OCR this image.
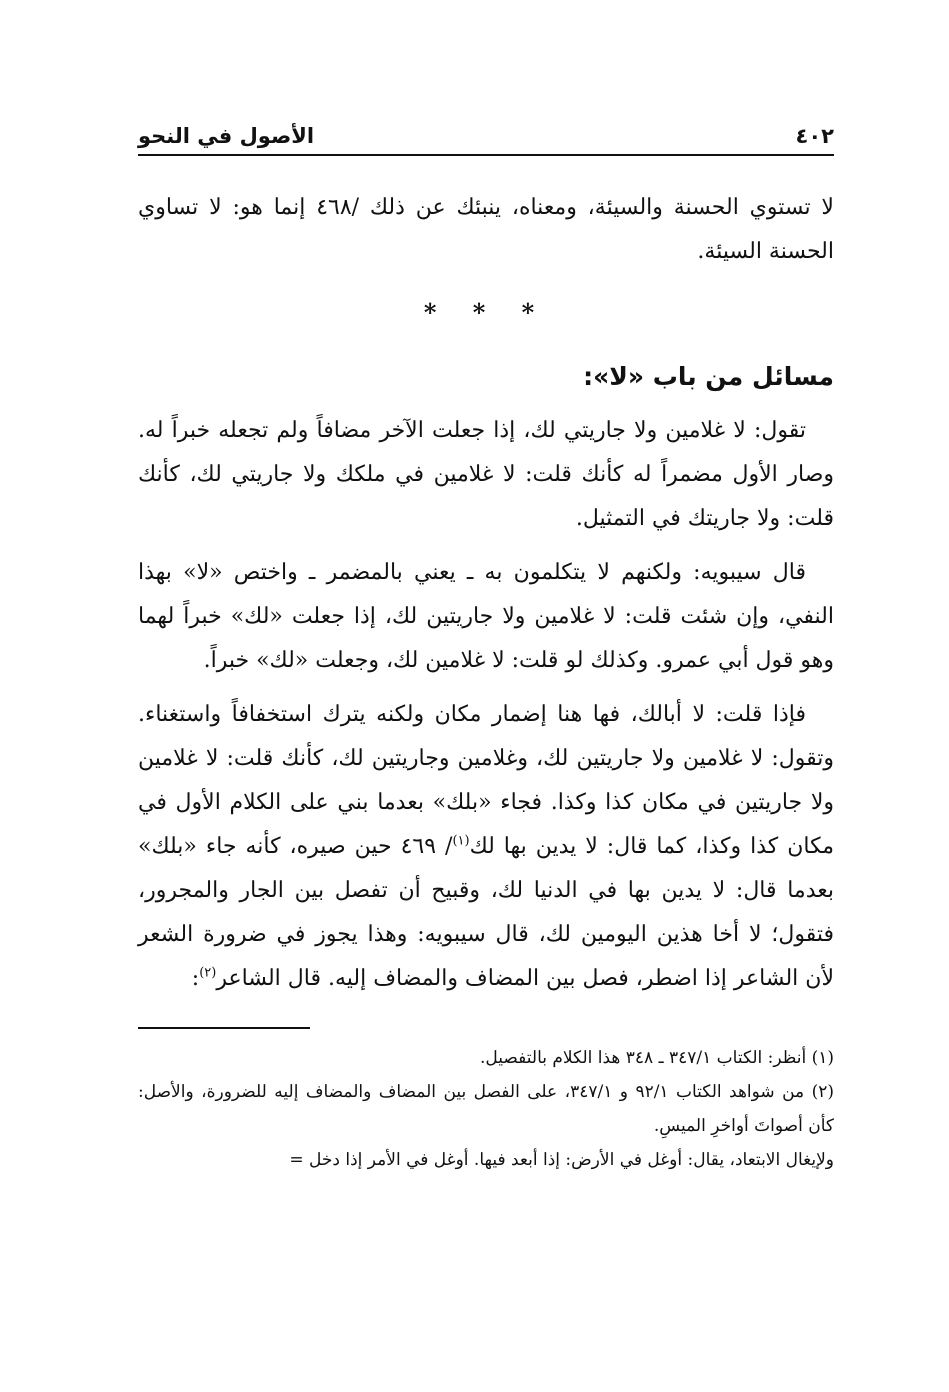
٤٠٢
الأصول في النحو

لا تستوي الحسنة والسيئة، ومعناه، ينبئك عن ذلك /٤٦٨ إنما هو: لا تساوي الحسنة السيئة.

* * *
مسائل من باب «لا»:

تقول: لا غلامين ولا جاريتي لك، إذا جعلت الآخر مضافاً ولم تجعله خبراً له. وصار الأول مضمراً له كأنك قلت: لا غلامين في ملكك ولا جاريتي لك، كأنك قلت: ولا جاريتك في التمثيل.

قال سيبويه: ولكنهم لا يتكلمون به ـ يعني بالمضمر ـ واختص «لا» بهذا النفي، وإن شئت قلت: لا غلامين ولا جاريتين لك، إذا جعلت «لك» خبراً لهما وهو قول أبي عمرو. وكذلك لو قلت: لا غلامين لك، وجعلت «لك» خبراً.

فإذا قلت: لا أبالك، فها هنا إضمار مكان ولكنه يترك استخفافاً واستغناء. وتقول: لا غلامين ولا جاريتين لك، وغلامين وجاريتين لك، كأنك قلت: لا غلامين ولا جاريتين في مكان كذا وكذا. فجاء «بلك» بعدما بني على الكلام الأول في مكان كذا وكذا، كما قال: لا يدين بها لك$^{(١)}$/ ٤٦٩ حين صيره، كأنه جاء «بلك» بعدما قال: لا يدين بها في الدنيا لك، وقبيح أن تفصل بين الجار والمجرور، فتقول؛ لا أخا هذين اليومين لك، قال سيبويه: وهذا يجوز في ضرورة الشعر لأن الشاعر إذا اضطر، فصل بين المضاف والمضاف إليه. قال الشاعر$^{(٢)}$:

(١) أنظر: الكتاب ٣٤٧/١ ـ ٣٤٨ هذا الكلام بالتفصيل.

(٢) من شواهد الكتاب ٩٢/١ و ٣٤٧/١، على الفصل بين المضاف والمضاف إليه للضرورة، والأصل: كأن أصواتَ أواخرِ الميسِ.

ولإيغال الابتعاد، يقال: أوغل في الأرض: إذا أبعد فيها. أوغل في الأمر إذا دخل =
